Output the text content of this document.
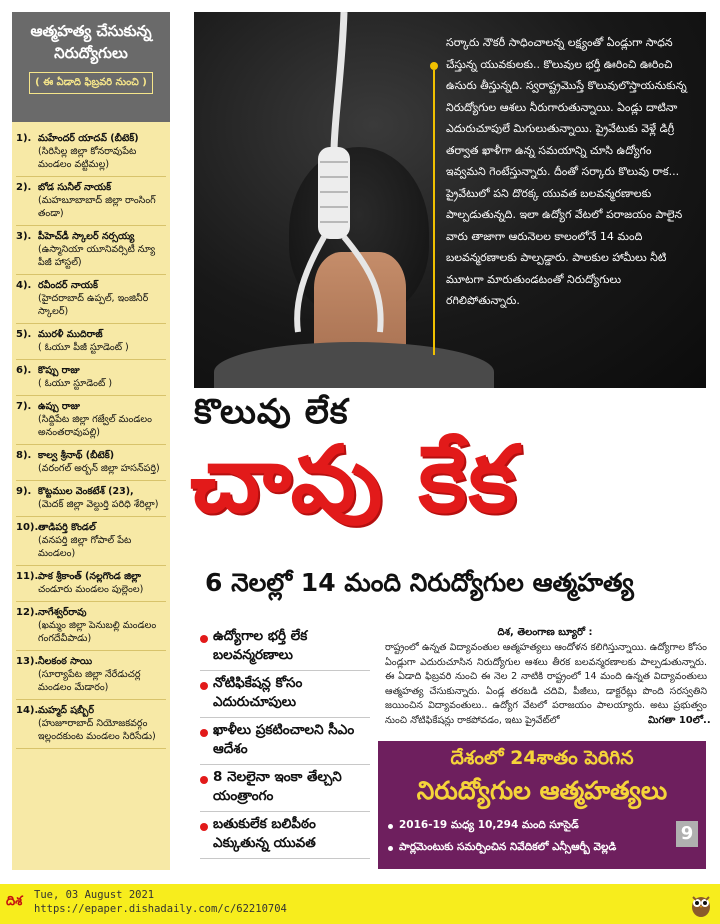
ఆత్మహత్య చేసుకున్న నిరుద్యోగులు
( ఈ ఏడాది ఫిబ్రవరి నుంచి )
1). మహేందర్ యాదవ్ (బీటెక్)
(సిరిసిల్ల జిల్లా కోనరావుపేట మండలం వట్టిమల్ల)
2). బోడ సునీల్ నాయక్
(మహబూబాబాద్ జిల్లా రాంసింగ్ తండా)
3). పీహెచ్‌డీ స్కాలర్ నర్సయ్య
(ఉస్మానియా యూనివర్సిటీ న్యూ పీజీ హాస్టల్)
4). రవీందర్ నాయక్
(హైదరాబాద్ ఉప్పల్, ఇంజినీర్ స్కాలర్)
5). మురళీ ముదిరాజ్
( ఓయూ పీజీ స్టూడెంట్ )
6). కొప్పు రాజు
( ఓయూ స్టూడెంట్ )
7). ఉప్పు రాజు
(సిద్దిపేట జిల్లా గజ్వేల్ మండలం అనంతరావుపల్లి)
8). కాల్వ శ్రీనాథ్ (బీటెక్)
(వరంగల్ అర్బన్ జిల్లా హసన్‌పర్తి)
9). కొట్టముల వెంకటేశ్ (23),
(మెదక్ జిల్లా వెల్దుర్తి పరిధి శేరిల్లా)
10). తాడిపర్తి కొండల్
(వనపర్తి జిల్లా గోపాల్ పేట మండలం)
11). పాక శ్రీకాంత్ (నల్లగొండ జిల్లా
చండూరు మండలం పుల్లెంల)
12). నాగేశ్వర్‌రావు
(ఖమ్మం జిల్లా పెనుబల్లి మండలం గంగదేవీపాడు)
13). నీలకంఠ సాయి
(సూర్యాపేట జిల్లా నేరేడుచర్ల మండలం మేడారం)
14). మహ్మద్ షబ్బీర్
(హుజూరాబాద్ నియోజకవర్గం ఇల్లందకుంట మండలం సిరిసేడు)
సర్కారు నౌకరీ సాధించాలన్న లక్ష్యంతో ఏండ్లుగా సాధన చేస్తున్న యువకులకు.. కొలువుల భర్తీ ఊరించి ఊరించి ఉసురు తీస్తున్నది. స్వరాష్ట్రమొస్తే కొలువులొస్తాయనుకున్న నిరుద్యోగుల ఆశలు నీరుగారుతున్నాయి. ఏండ్లు దాటినా ఎదురుచూపులే మిగులుతున్నాయి. ప్రైవేటుకు వెళ్లే డిగ్రీ తర్వాత ఖాళీగా ఉన్న సమయాన్ని చూసి ఉద్యోగం ఇవ్వమని గెంటేస్తున్నారు. దీంతో సర్కారు కొలువు రాక... ప్రైవేటులో పని దొరక్క యువత బలవన్మరణాలకు పాల్పడుతున్నది. ఇలా ఉద్యోగ వేటలో పరాజయం పాలైన వారు తాజాగా ఆరునెలల కాలంలోనే 14 మంది బలవన్మరణాలకు పాల్పడ్డారు. పాలకుల హామీలు నీటి మూటగా మారుతుండటంతో నిరుద్యోగులు రగిలిపోతున్నారు.
కొలువు లేక
చావు కేక
6 నెలల్లో 14 మంది నిరుద్యోగుల ఆత్మహత్య
ఉద్యోగాల భర్తీ లేక బలవన్మరణాలు
నోటిఫికేషన్ల కోసం ఎదురుచూపులు
ఖాళీలు ప్రకటించాలని సీఎం ఆదేశం
8 నెలలైనా ఇంకా తేల్చని యంత్రాంగం
బతుకులేక బలిపీఠం ఎక్కుతున్న యువత
దిశ, తెలంగాణ బ్యూరో :
రాష్ట్రంలో ఉన్నత విద్యావంతుల ఆత్మహత్యలు ఆందోళన కలిగిస్తున్నాయి. ఉద్యోగాల కోసం ఏండ్లుగా ఎదురుచూసిన నిరుద్యోగుల ఆశలు తీరక బలవన్మరణాలకు పాల్పడుతున్నారు. ఈ ఏడాది ఫిబ్రవరి నుంచి ఈ నెల 2 నాటికి రాష్ట్రంలో 14 మంది ఉన్నత విద్యావంతులు ఆత్మహత్య చేసుకున్నారు. ఏండ్ల తరబడి చదివి, పీజీలు, డాక్టరేట్లు పొంది సరస్వతిని జయించిన విద్యావంతులు.. ఉద్యోగ వేటలో పరాజయం పాలయ్యారు. అటు ప్రభుత్వం నుంచి నోటిఫికేషన్లు రాకపోవడం, ఇటు ప్రైవేట్‌లో	మిగతా 10లో..
దేశంలో 24శాతం పెరిగిన
నిరుద్యోగుల ఆత్మహత్యలు
2016-19 మధ్య 10,294 మంది సూసైడ్
పార్లమెంటుకు సమర్పించిన నివేదికలో ఎన్సీఆర్బీ వెల్లడి
9
దిశ Tue, 03 August 2021
https://epaper.dishadaily.com/c/62210704
